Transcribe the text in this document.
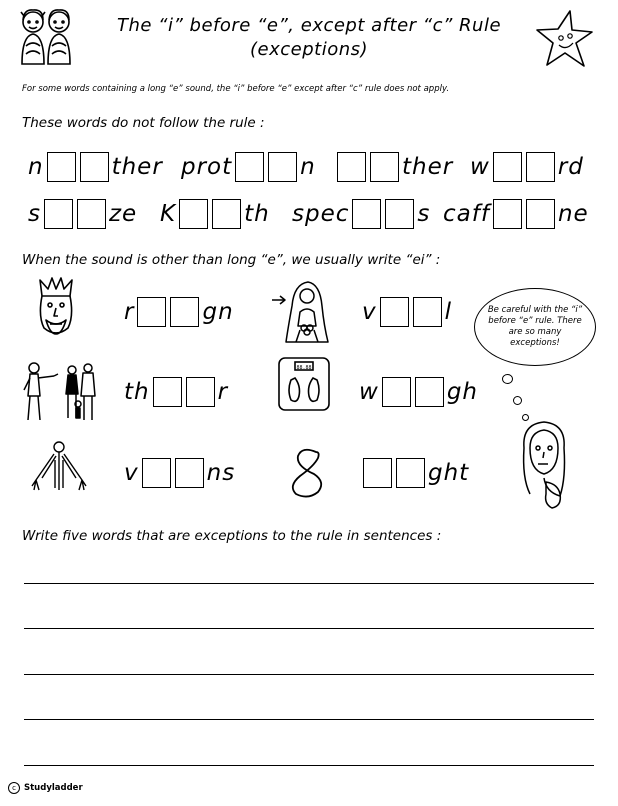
The “i” before “e”, except after “c” Rule
(exceptions)
For some words containing a long “e” sound, the “i” before “e” except after “c” rule does not apply.
These words do not follow the rule :
n	ther prot	n	ther w	rd
s	ze K	th spec	s caff	ne
When the sound is other than long “e”, we usually write “ei” :
r	gn	v	l	Be careful with the “i” before “e” rule. There are so many exceptions!
th	r
88.88
w	gh
v	ns	ght
Write five words that are exceptions to the rule in sentences :
c Studyladder
